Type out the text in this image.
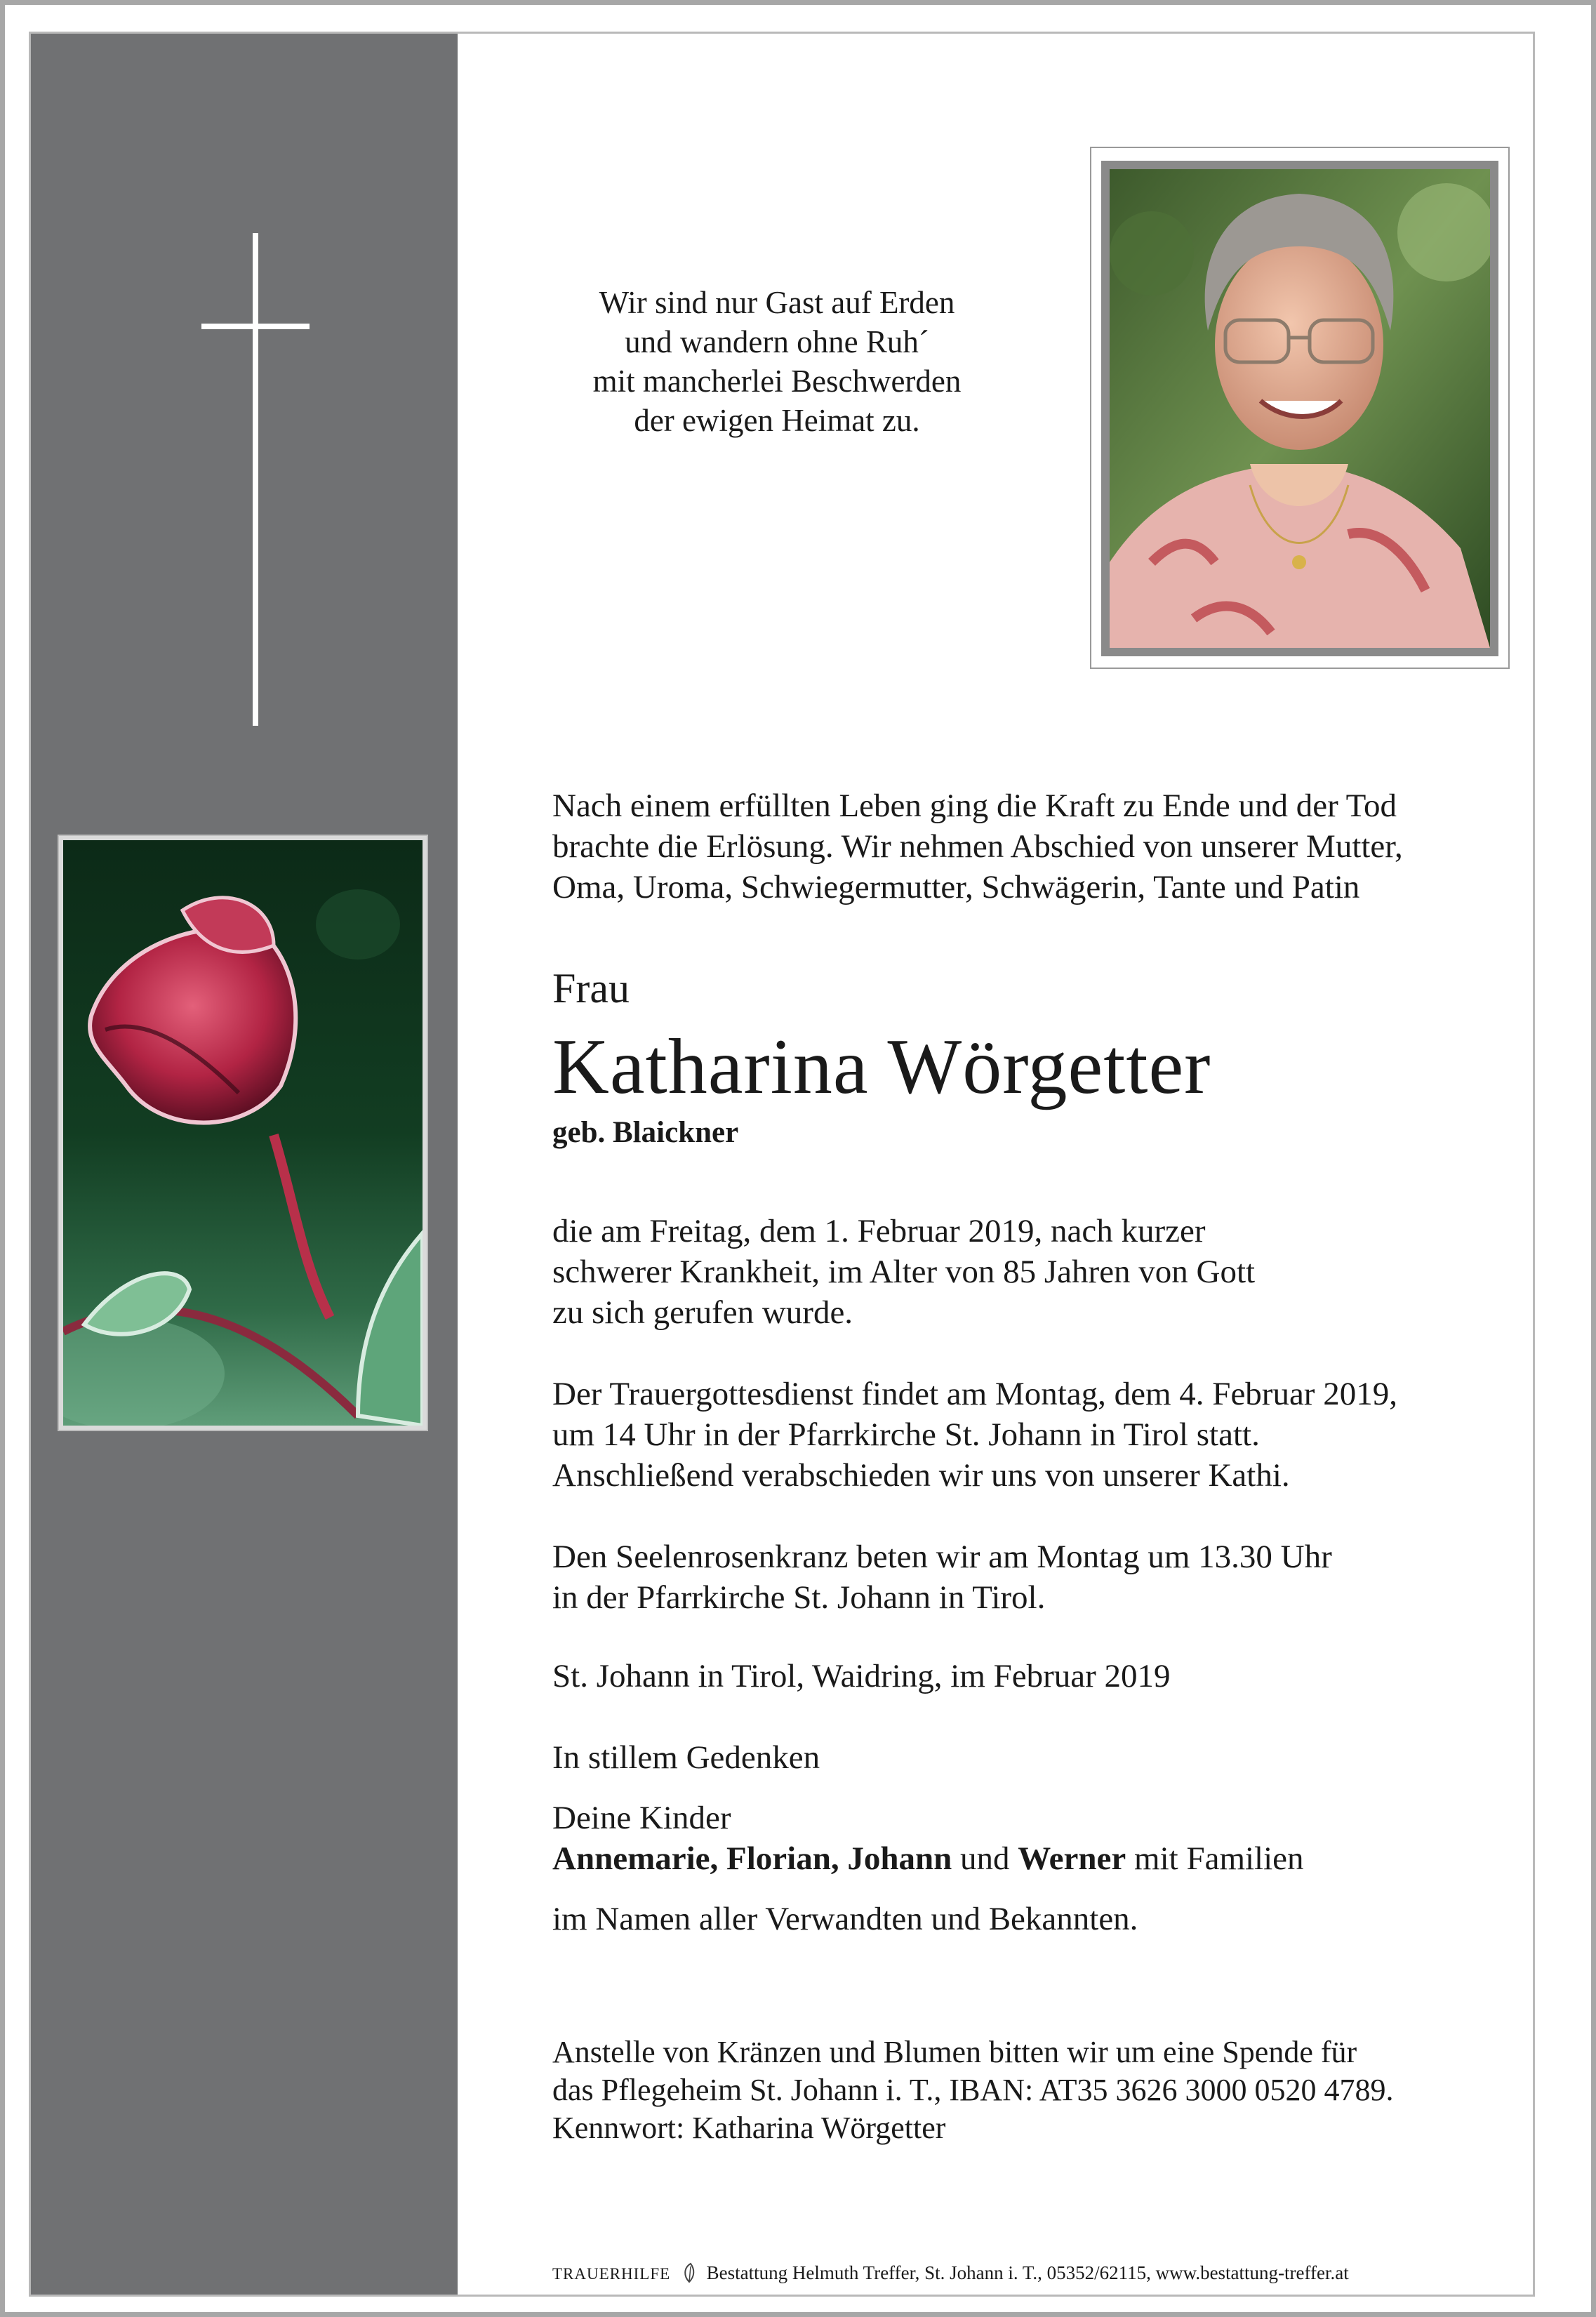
Wir sind nur Gast auf Erden
und wandern ohne Ruh´
mit mancherlei Beschwerden
der ewigen Heimat zu.
Nach einem erfüllten Leben ging die Kraft zu Ende und der Tod
brachte die Erlösung. Wir nehmen Abschied von unserer Mutter,
Oma, Uroma, Schwiegermutter, Schwägerin, Tante und Patin
Frau
Katharina Wörgetter
geb. Blaickner
die am Freitag, dem 1. Februar 2019, nach kurzer
schwerer Krankheit, im Alter von 85 Jahren von Gott
zu sich gerufen wurde.
Der Trauergottesdienst findet am Montag, dem 4. Februar 2019,
um 14 Uhr in der Pfarrkirche St. Johann in Tirol statt.
Anschließend verabschieden wir uns von unserer Kathi.
Den Seelenrosenkranz beten wir am Montag um 13.30 Uhr
in der Pfarrkirche St. Johann in Tirol.
St. Johann in Tirol, Waidring, im Februar 2019
In stillem Gedenken
Deine Kinder
Annemarie, Florian, Johann und Werner mit Familien
im Namen aller Verwandten und Bekannten.
Anstelle von Kränzen und Blumen bitten wir um eine Spende für
das Pflegeheim St. Johann i. T., IBAN: AT35 3626 3000 0520 4789.
Kennwort: Katharina Wörgetter
TRAUERHILFE Bestattung Helmuth Treffer, St. Johann i. T., 05352/62115, www.bestattung-treffer.at
